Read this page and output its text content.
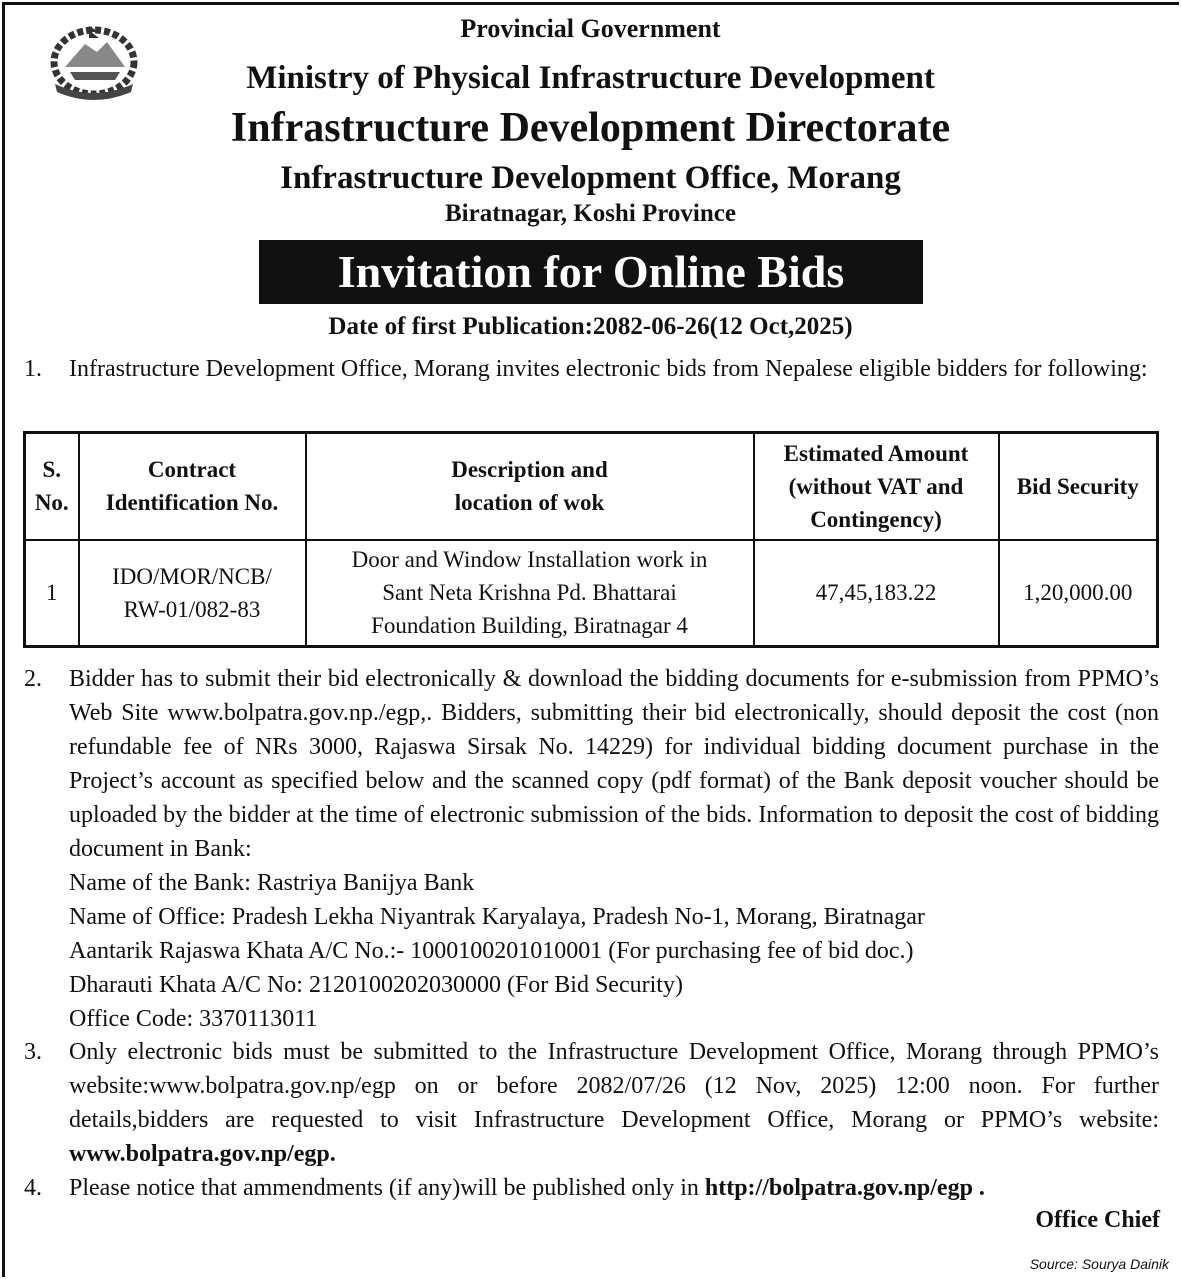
Provincial Government
Ministry of Physical Infrastructure Development
Infrastructure Development Directorate
Infrastructure Development Office, Morang
Biratnagar, Koshi Province
Invitation for Online Bids
Date of first Publication:2082-06-26(12 Oct,2025)
1. Infrastructure Development Office, Morang invites electronic bids from Nepalese eligible bidders for following:
S. No.	Contract Identification No.	Description and location of wok	Estimated Amount (without VAT and Contingency)	Bid Security
1	IDO/MOR/NCB/ RW-01/082-83	Door and Window Installation work in Sant Neta Krishna Pd. Bhattarai Foundation Building, Biratnagar 4	47,45,183.22	1,20,000.00
2. Bidder has to submit their bid electronically & download the bidding documents for e-submission from PPMO’s Web Site www.bolpatra.gov.np./egp,. Bidders, submitting their bid electronically, should deposit the cost (non refundable fee of NRs 3000, Rajaswa Sirsak No. 14229) for individual bidding document purchase in the Project’s account as specified below and the scanned copy (pdf format) of the Bank deposit voucher should be uploaded by the bidder at the time of electronic submission of the bids. Information to deposit the cost of bidding document in Bank:
Name of the Bank: Rastriya Banijya Bank
Name of Office: Pradesh Lekha Niyantrak Karyalaya, Pradesh No-1, Morang, Biratnagar
Aantarik Rajaswa Khata A/C No.:- 1000100201010001 (For purchasing fee of bid doc.)
Dharauti Khata A/C No: 2120100202030000 (For Bid Security)
Office Code: 3370113011
3. Only electronic bids must be submitted to the Infrastructure Development Office, Morang through PPMO’s website:www.bolpatra.gov.np/egp on or before 2082/07/26 (12 Nov, 2025) 12:00 noon. For further details,bidders are requested to visit Infrastructure Development Office, Morang or PPMO’s website: www.bolpatra.gov.np/egp.
4. Please notice that ammendments (if any)will be published only in http://bolpatra.gov.np/egp .
Office Chief
Source: Sourya Dainik
